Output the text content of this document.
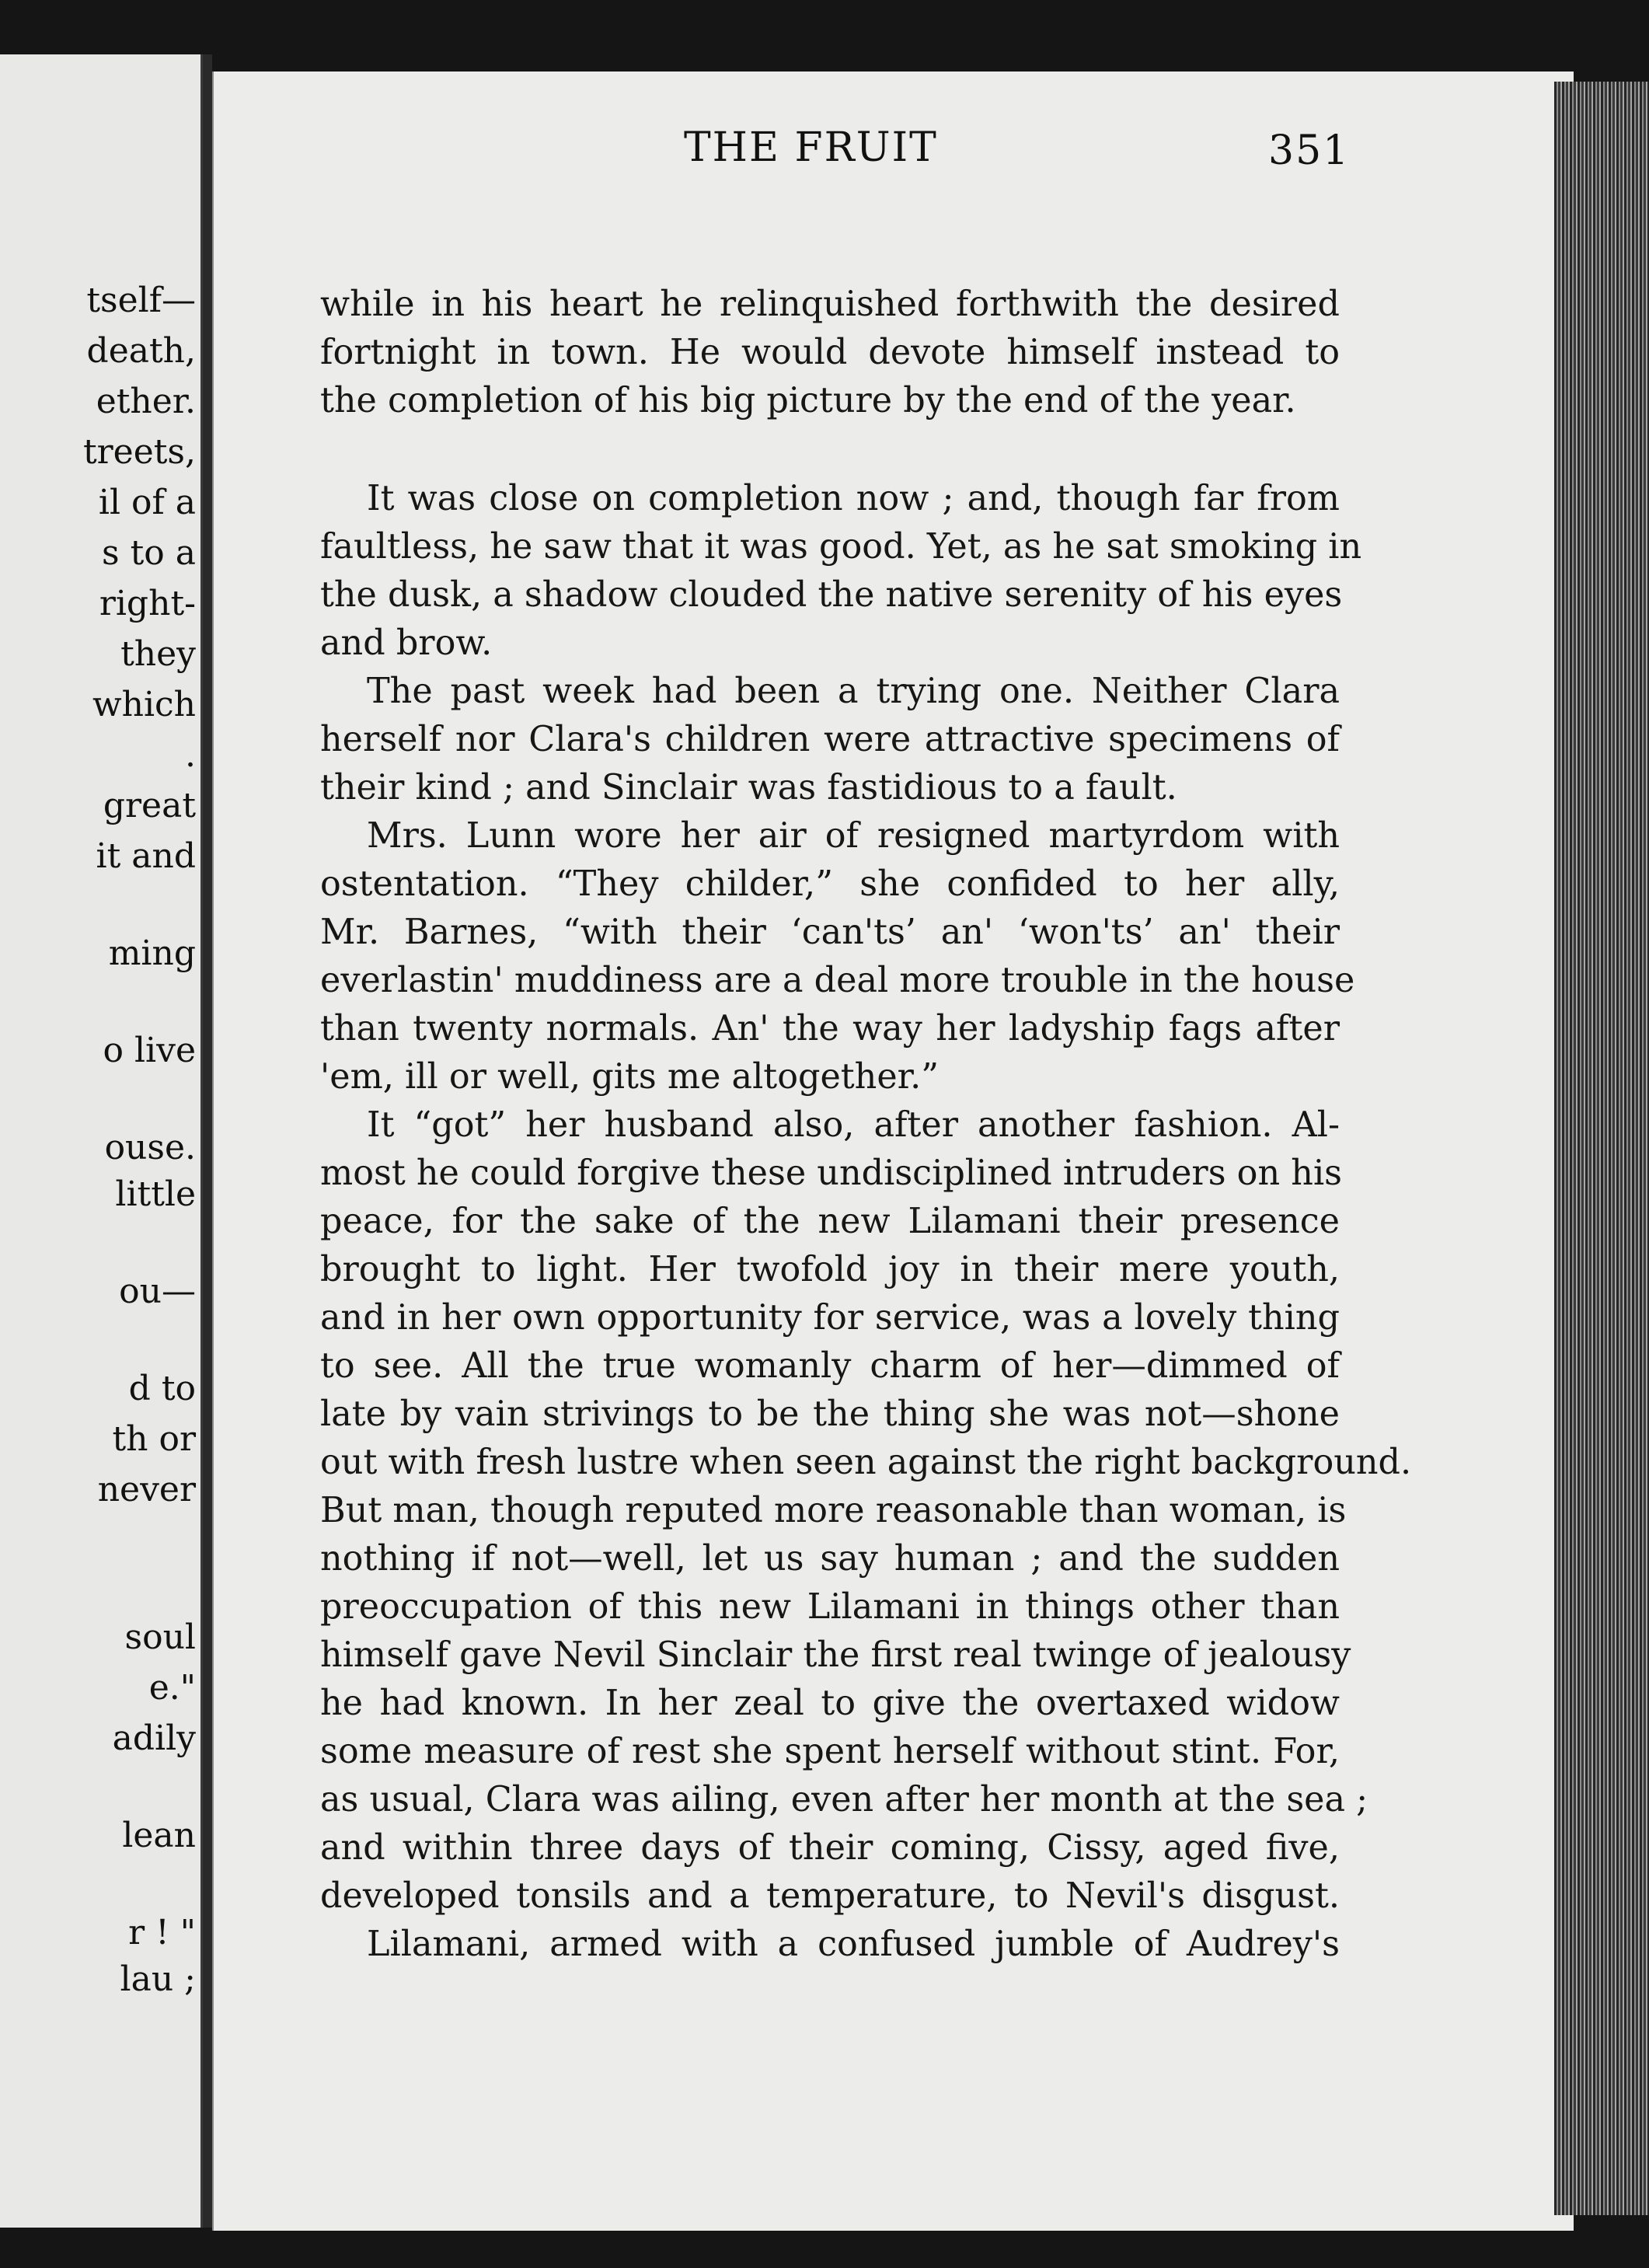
tself—
death,
ether.
treets,
il of a
s to a
right-
they
which
.
great
it and
ming
o live
ouse.
little
ou—
d to
th or
never
soul
e."
adily
lean
r ! "
lau ;
THE FRUIT	351
while in his heart he relinquished forthwith the desired
fortnight in town. He would devote himself instead to
the completion of his big picture by the end of the year.
It was close on completion now ; and, though far from
faultless, he saw that it was good. Yet, as he sat smoking in
the dusk, a shadow clouded the native serenity of his eyes
and brow.
The past week had been a trying one. Neither Clara
herself nor Clara's children were attractive specimens of
their kind ; and Sinclair was fastidious to a fault.
Mrs. Lunn wore her air of resigned martyrdom with
ostentation. “They childer,” she confided to her ally,
Mr. Barnes, “with their ‘can'ts’ an' ‘won'ts’ an' their
everlastin' muddiness are a deal more trouble in the house
than twenty normals. An' the way her ladyship fags after
'em, ill or well, gits me altogether.”
It “got” her husband also, after another fashion. Al-
most he could forgive these undisciplined intruders on his
peace, for the sake of the new Lilamani their presence
brought to light. Her twofold joy in their mere youth,
and in her own opportunity for service, was a lovely thing
to see. All the true womanly charm of her—dimmed of
late by vain strivings to be the thing she was not—shone
out with fresh lustre when seen against the right background.
But man, though reputed more reasonable than woman, is
nothing if not—well, let us say human ; and the sudden
preoccupation of this new Lilamani in things other than
himself gave Nevil Sinclair the first real twinge of jealousy
he had known. In her zeal to give the overtaxed widow
some measure of rest she spent herself without stint. For,
as usual, Clara was ailing, even after her month at the sea ;
and within three days of their coming, Cissy, aged five,
developed tonsils and a temperature, to Nevil's disgust.
Lilamani, armed with a confused jumble of Audrey's
